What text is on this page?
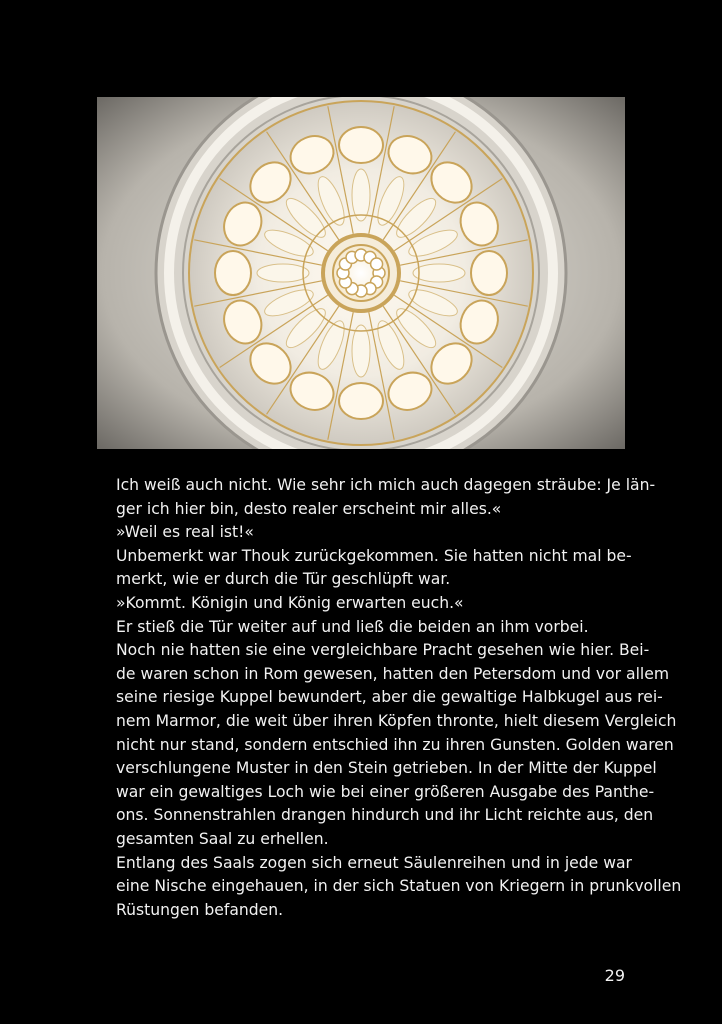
Ich weiß auch nicht. Wie sehr ich mich auch dagegen sträube: Je län-
ger ich hier bin, desto realer erscheint mir alles.«

»Weil es real ist!«

Unbemerkt war Thouk zurückgekommen. Sie hatten nicht mal be-
merkt, wie er durch die Tür geschlüpft war.

»Kommt. Königin und König erwarten euch.«

Er stieß die Tür weiter auf und ließ die beiden an ihm vorbei.

Noch nie hatten sie eine vergleichbare Pracht gesehen wie hier. Bei-
de waren schon in Rom gewesen, hatten den Petersdom und vor allem
seine riesige Kuppel bewundert, aber die gewaltige Halbkugel aus rei-
nem Marmor, die weit über ihren Köpfen thronte, hielt diesem Vergleich
nicht nur stand, sondern entschied ihn zu ihren Gunsten. Golden waren
verschlungene Muster in den Stein getrieben. In der Mitte der Kuppel
war ein gewaltiges Loch wie bei einer größeren Ausgabe des Panthe-
ons. Sonnenstrahlen drangen hindurch und ihr Licht reichte aus, den
gesamten Saal zu erhellen.

Entlang des Saals zogen sich erneut Säulenreihen und in jede war
eine Nische eingehauen, in der sich Statuen von Kriegern in prunkvollen
Rüstungen befanden.

29
